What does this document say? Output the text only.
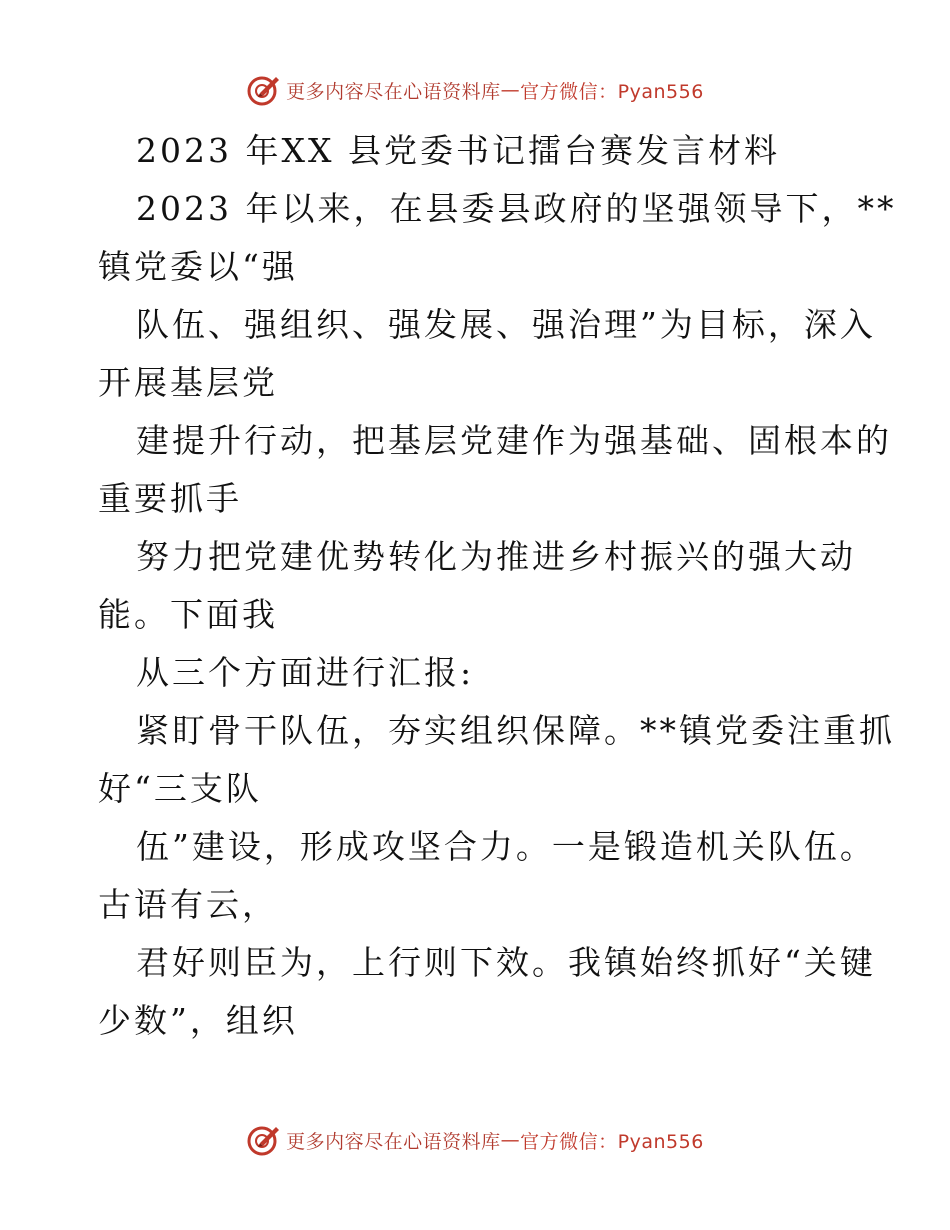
更多内容尽在心语资料库 — 官方微信：Pyan556
2023 年XX 县党委书记擂台赛发言材料
2023 年以来，在县委县政府的坚强领导下，**
镇党委以“强
队伍、强组织、强发展、强治理”为目标，深入
开展基层党
建提升行动，把基层党建作为强基础、固根本的
重要抓手
努力把党建优势转化为推进乡村振兴的强大动
能。下面我
从三个方面进行汇报:
紧盯骨干队伍，夯实组织保障。**镇党委注重抓
好“三支队
伍”建设，形成攻坚合力。一是锻造机关队伍。
古语有云，
君好则臣为，上行则下效。我镇始终抓好“关键
少数”，组织
更多内容尽在心语资料库 — 官方微信：Pyan556
